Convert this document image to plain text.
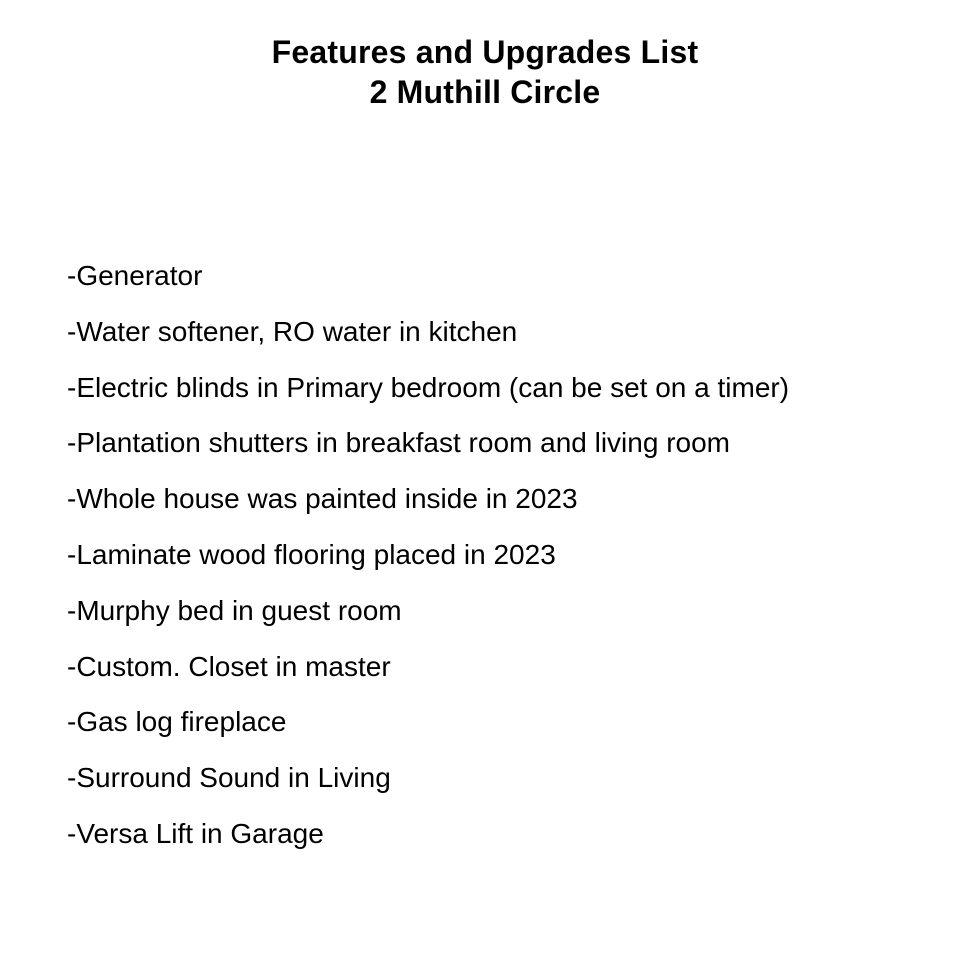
Features and Upgrades List
2 Muthill Circle
-Generator
-Water softener, RO water in kitchen
-Electric blinds in Primary bedroom (can be set on a timer)
-Plantation shutters in breakfast room and living room
-Whole house was painted inside in 2023
-Laminate wood flooring placed in 2023
-Murphy bed in guest room
-Custom. Closet in master
-Gas log fireplace
-Surround Sound in Living
-Versa Lift in Garage
